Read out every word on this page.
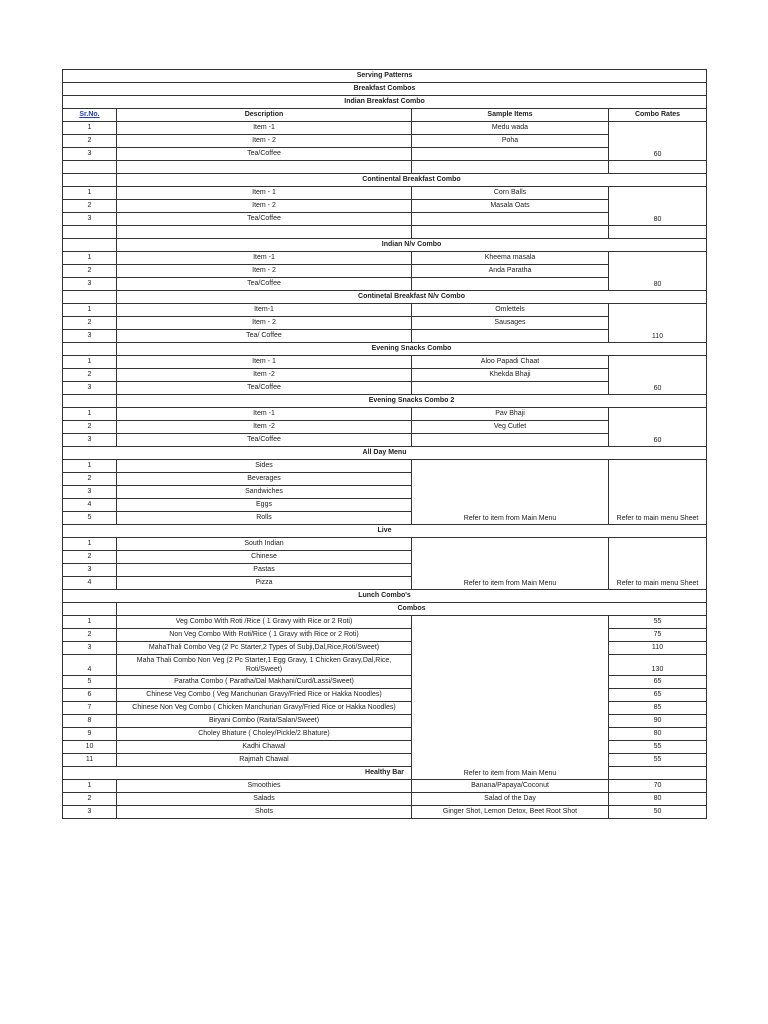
Serving Patterns			
Breakfast Combos			
Indian Breakfast Combo			
Sr.No.	Description	Sample Items	Combo Rates
1	Item -1	Medu wada	60
2	Item - 2	Poha	
3	Tea/Coffee		

	Continental Breakfast Combo		
1	Item - 1	Corn Balls	80
2	Item - 2	Masala Oats	
3	Tea/Coffee		

	Indian N/v Combo		
1	Item -1	Kheema masala	80
2	Item - 2	Anda Paratha	
3	Tea/Coffee		
	Continetal Breakfast N/v Combo		
1	Item-1	Omlettels	110
2	Item - 2	Sausages	
3	Tea/ Coffee		
	Evening Snacks Combo		
1	Item - 1	Aloo Papadi Chaat	60
2	Item -2	Khekda Bhaji	
3	Tea/Coffee		
	Evening Snacks Combo 2		
1	Item -1	Pav Bhaji	60
2	Item -2	Veg Cutlet	
3	Tea/Coffee		
All Day Menu			
1	Sides	Refer to item from Main Menu	Refer to main menu Sheet
2	Beverages		
3	Sandwiches		
4	Eggs		
5	Rolls		
Live			
1	South Indian	Refer to item from Main Menu	Refer to main menu Sheet
2	Chinese		
3	Pastas		
4	Pizza		
Lunch Combo's			
	Combos		
1	Veg Combo With Roti /Rice ( 1 Gravy with Rice or 2 Roti)	Refer to item from Main Menu	55
2	Non Veg Combo With Roti/Rice ( 1 Gravy with Rice or 2 Roti)		75
3	MahaThali Combo Veg (2 Pc Starter,2 Types of Subji,Dal,Rice,Roti/Sweet)		110
4	Maha Thali Combo Non Veg (2 Pc Starter,1 Egg Gravy, 1 Chicken Gravy,Dal,Rice, Roti/Sweet)		130
5	Paratha Combo ( Paratha/Dal Makhani/Curd/Lassi/Sweet)		65
6	Chinese Veg Combo ( Veg Manchurian Gravy/Fried Rice or Hakka Noodles)		65
7	Chinese Non Veg Combo ( Chicken Manchurian Gravy/Fried Rice or Hakka Noodles)		85
8	Biryani Combo (Raita/Salan/Sweet)		90
9	Choley Bhature ( Choley/Pickle/2 Bhature)		80
10	Kadhi Chawal		55
11	Rajmah Chawal		55
Healthy Bar			
1	Smoothies	Banana/Papaya/Coconut	70
2	Salads	Salad of the Day	80
3	Shots	Ginger Shot, Lemon Detox, Beet Root Shot	50
